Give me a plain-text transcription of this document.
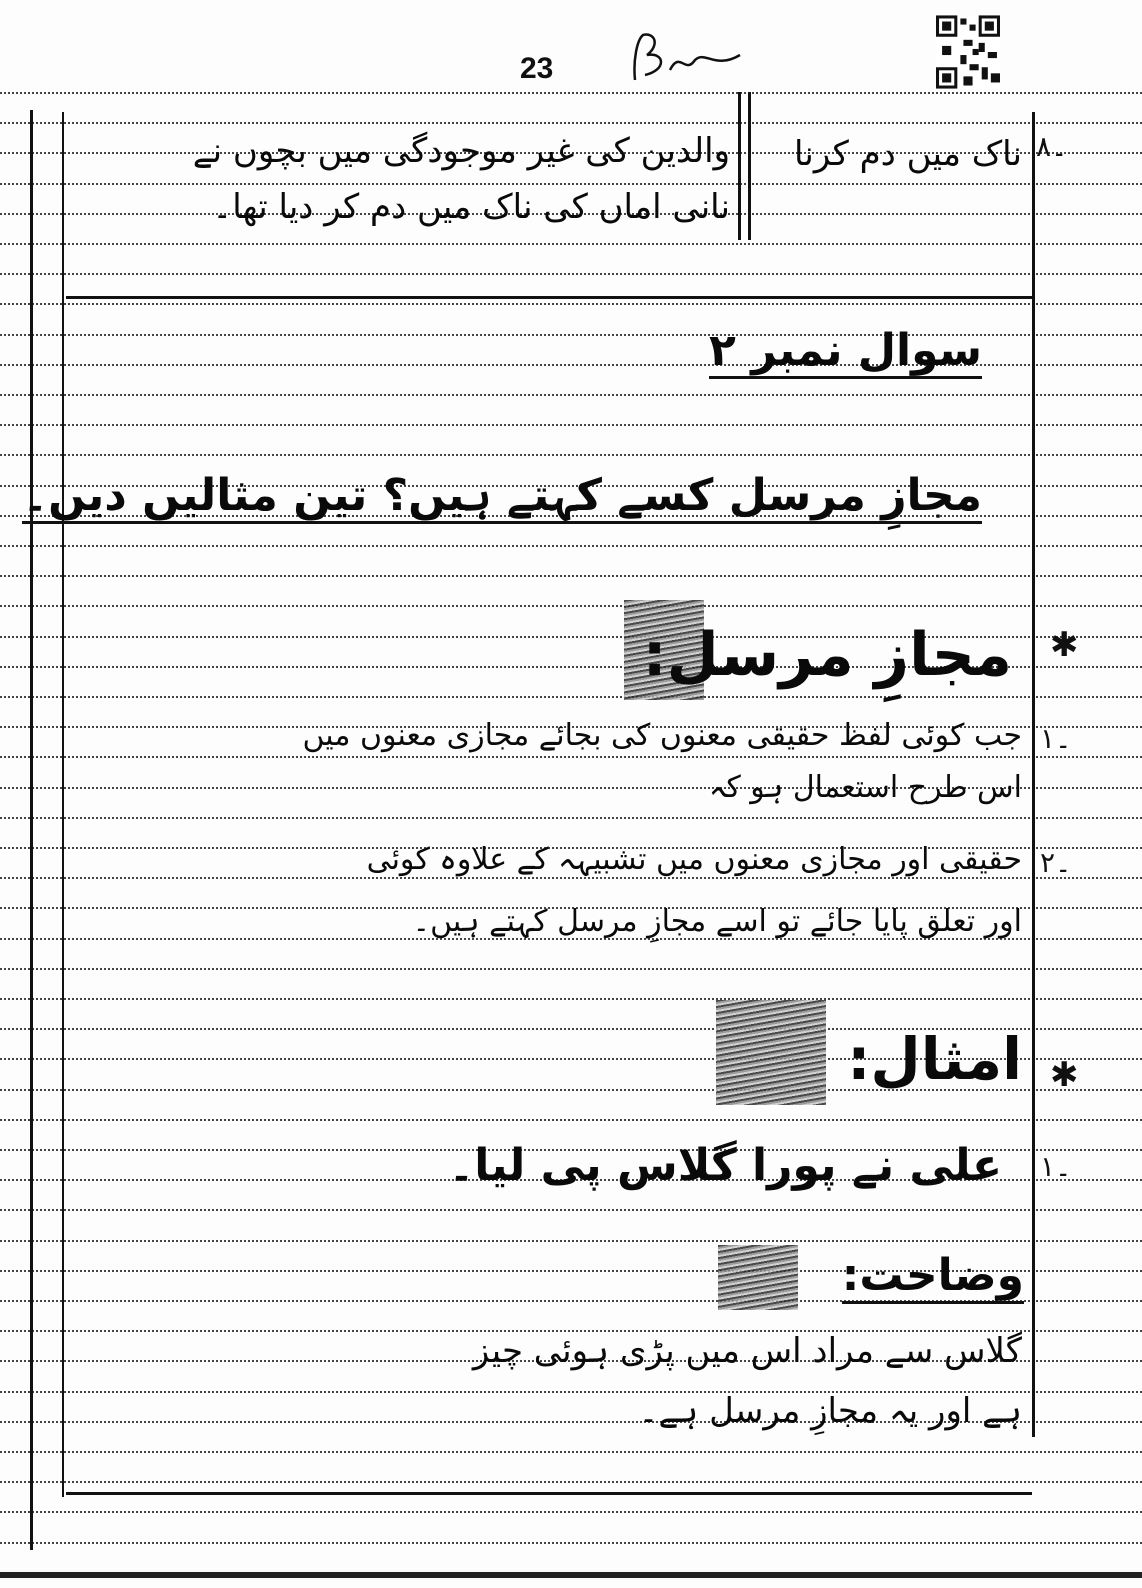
23
۸۔
ناک میں دم کرنا
والدین کی غیر موجودگی میں بچوں نے
نانی اماں کی ناک میں دم کر دیا تھا۔
سوال نمبر ۲
مجازِ مرسل کسے کہتے ہیں؟ تین مثالیں دیں۔
✱
مجازِ مرسل:
۱۔
جب کوئی لفظ حقیقی معنوں کی بجائے مجازی معنوں میں
اس طرح استعمال ہو کہ
۲۔
حقیقی اور مجازی معنوں میں تشبیہہ کے علاوہ کوئی
اور تعلق پایا جائے تو اسے مجازِ مرسل کہتے ہیں۔
✱
امثال:
۱۔
علی نے پورا گلاس پی لیا۔
وضاحت:
گلاس سے مراد اس میں پڑی ہوئی چیز
ہے اور یہ مجازِ مرسل ہے۔
